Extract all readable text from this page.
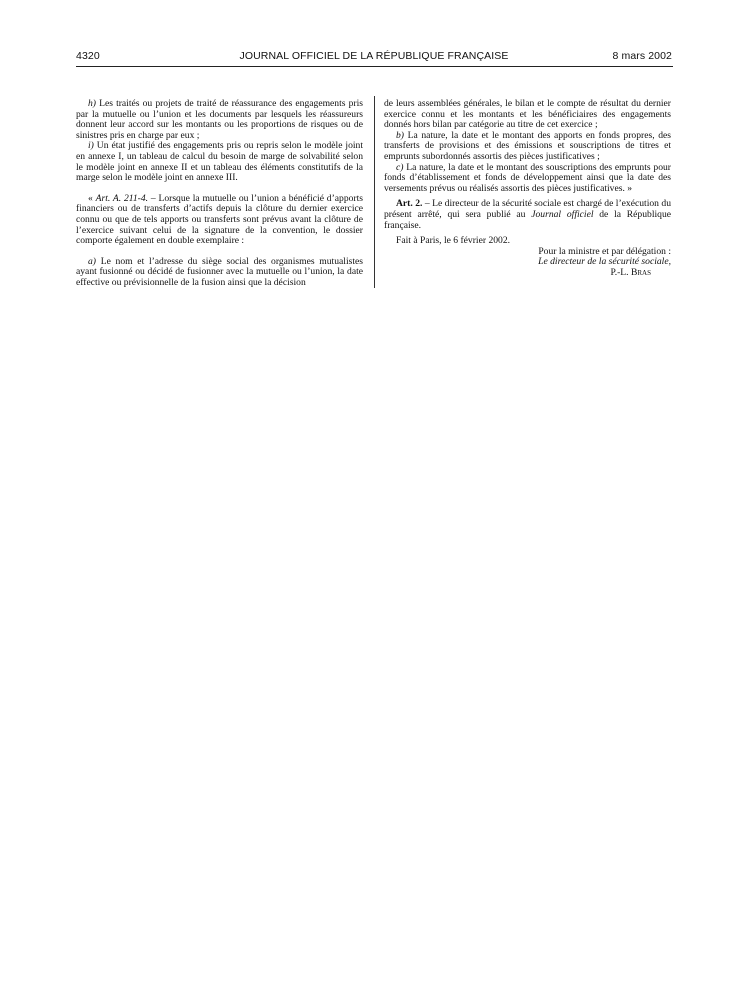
4320	JOURNAL OFFICIEL DE LA RÉPUBLIQUE FRANÇAISE	8 mars 2002

h) Les traités ou projets de traité de réassurance des engagements pris par la mutuelle ou l’union et les documents par lesquels les réassureurs donnent leur accord sur les montants ou les proportions de risques ou de sinistres pris en charge par eux ;

i) Un état justifié des engagements pris ou repris selon le modèle joint en annexe I, un tableau de calcul du besoin de marge de solvabilité selon le modèle joint en annexe II et un tableau des éléments constitutifs de la marge selon le modèle joint en annexe III.

« Art. A. 211-4. – Lorsque la mutuelle ou l’union a bénéficié d’apports financiers ou de transferts d’actifs depuis la clôture du dernier exercice connu ou que de tels apports ou transferts sont prévus avant la clôture de l’exercice suivant celui de la signature de la convention, le dossier comporte également en double exemplaire :

a) Le nom et l’adresse du siège social des organismes mutualistes ayant fusionné ou décidé de fusionner avec la mutuelle ou l’union, la date effective ou prévisionnelle de la fusion ainsi que la décision

de leurs assemblées générales, le bilan et le compte de résultat du dernier exercice connu et les montants et les bénéficiaires des engagements donnés hors bilan par catégorie au titre de cet exercice ;

b) La nature, la date et le montant des apports en fonds propres, des transferts de provisions et des émissions et souscriptions de titres et emprunts subordonnés assortis des pièces justificatives ;

c) La nature, la date et le montant des souscriptions des emprunts pour fonds d’établissement et fonds de développement ainsi que la date des versements prévus ou réalisés assortis des pièces justificatives. »

Art. 2. – Le directeur de la sécurité sociale est chargé de l’exécution du présent arrêté, qui sera publié au Journal officiel de la République française.

Fait à Paris, le 6 février 2002.

Pour la ministre et par délégation :

Le directeur de la sécurité sociale,

P.-L. Bras
